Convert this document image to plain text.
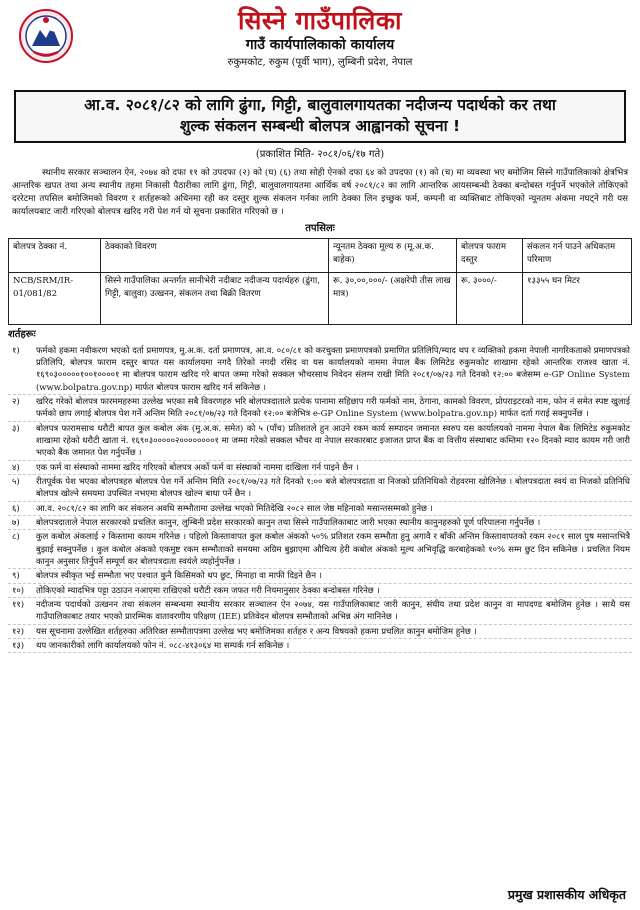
सिस्ने गाउँपालिका
गाउँ कार्यपालिकाको कार्यालय
रुकुमकोट, रुकुम (पूर्वी भाग), लुम्बिनी प्रदेश, नेपाल
आ.व. २०८१/८२ को लागि ढुंगा, गिट्टी, बालुवालगायतका नदीजन्य पदार्थको कर तथा
शुल्क संकलन सम्बन्धी बोलपत्र आह्वानको सूचना !
(प्रकाशित मिति- २०८१/०६/१७ गते)

स्थानीय सरकार सञ्चालन ऐन, २०७४ को दफा ११ को उपदफा (२) को (घ) (६) तथा सोही ऐनको दफा ६४ को उपदफा (१) को (च) मा व्यवस्था भए बमोजिम सिस्ने गाउँपालिकाको क्षेत्रभित्र आन्तरिक खपत तथा अन्य स्थानीय तहमा निकासी पैठारीका लागि ढुंगा, गिट्टी, बालुवालगायतमा आर्थिक वर्ष २०८१/८२ का लागि आन्तरिक आयसम्बन्धी ठेक्का बन्दोबस्त गर्नुपर्ने भएकोले तोकिएको दररेटमा तपसिल बमोजिमको विवरण र शर्तहरूको अधिनमा रही कर दस्तुर शुल्क संकलन गर्नका लागि ठेक्का लिन इच्छुक फर्म, कम्पनी वा व्यक्तिबाट तोकिएको न्यूनतम अंकमा नघट्ने गरी यस कार्यालयबाट जारी गरिएको बोलपत्र खरिद गरी पेश गर्न यो सूचना प्रकाशित गरिएको छ ।

तपसिलः
बोलपत्र ठेक्का नं.	ठेक्काको विवरण	न्यूनतम ठेक्का मूल्य रु (मू.अ.क. बाहेक)	बोलपत्र फाराम दस्तुर	संकलन गर्न पाउने अधिकतम परिमाण
NCB/SRM/IR-01/081/82	सिस्ने गाउँपालिका अन्तर्गत सानीभेरी नदीबाट नदीजन्य पदार्थहरु (ढुंगा, गिट्टी, बालुवा) उत्खनन, संकलन तथा बिक्री वितरण	रू. ३०,००,०००/- (अक्षरेपी तीस लाख मात्र)	रू. ३०००/-	१३३५५ घन मिटर
शर्तहरूः
१)	फर्मको हकमा नवीकरण भएको दर्ता प्रमाणपत्र, मु.अ.क. दर्ता प्रमाणपत्र, आ.व. ०८०/८१ को करचुक्ता प्रमाणपत्रको प्रमाणित प्रतिलिपि/म्याद थप र व्यक्तिको हकमा नेपाली नागरिकताको प्रमाणपत्रको प्रतिलिपि, बोलपत्र फाराम दस्तुर बापत यस कार्यालयमा नगदै तिरेको नगदी रसिद वा यस कार्यालयको नाममा नेपाल बैंक लिमिटेड रुकुमकोट शाखामा रहेको आन्तरिक राजश्व खाता नं. १६९०३०००००१००१००००१ मा बोलपत्र फाराम खरिद गरे बापत जम्मा गरेको सक्कल भौचरसाथ निवेदन संलग्न राखी मिति २०८१/०७/२३ गते दिनको १२:०० बजेसम्म e-GP Online System (www.bolpatra.gov.np) मार्फत बोलपत्र फाराम खरिद गर्न सकिनेछ ।
२)	खरिद गरेको बोलपत्र फारममहरुमा उल्लेख भएका सबै विवरणहरु भरि बोलपत्रदाताले प्रत्येक पानामा सहिछाप गरी फर्मको नाम, ठेगाना, कामको विवरण, प्रोपराइटरको नाम, फोन नं समेत स्पष्ट खुलाई फर्मको छाप लगाई बोलपत्र पेश गर्ने अन्तिम मिति २०८१/०७/२३ गते दिनको १२:०० बजेभित्र e-GP Online System (www.bolpatra.gov.np) मार्फत दर्ता गराई सक्नुपर्नेछ ।
३)	बोलपत्र फारामसाथ धरौटी बापत कुल कबोल अंक (मु.अ.क. समेत) को ५ (पाँच) प्रतिशतले हुन आउने रकम कार्य सम्पादन जमानत स्वरुप यस कार्यालयको नाममा नेपाल बैंक लिमिटेड रुकुमकोट शाखामा रहेको धरौटी खाता नं. १६९०३०००००२००००००००१ मा जम्मा गरेको सक्कल भौचर वा नेपाल सरकारबाट इजाजत प्राप्त बैंक वा वित्तीय संस्थाबाट कम्तिमा १२० दिनको म्याद कायम गरी जारी भएको बैंक जमानत पेश गर्नुपर्नेछ ।
४)	एक फर्म वा संस्थाको नाममा खरिद गरिएको बोलपत्र अर्को फर्म वा संस्थाको नाममा दाखिला गर्न पाइने छैन ।
५)	रीतपूर्वक पेश भएका बोलपत्रहरु बोलपत्र पेश गर्ने अन्तिम मिति २०८१/०७/२३ गते दिनको १:०० बजे बोलपत्रदाता वा निजको प्रतिनिधिको रोहवरमा खोलिनेछ । बोलपत्रदाता स्वयं वा निजको प्रतिनिधि बोलपत्र खोल्ने समयमा उपस्थित नभएमा बोलपत्र खोल्न बाधा पर्ने छैन ।
६)	आ.व. २०८१/८२ का लागि कर संकलन अवधि सम्भौतामा उल्लेख भएको मितिदेखि २०८२ साल जेष्ठ महिनाको मसान्तसम्मको हुनेछ ।
७)	बोलपत्रदाताले नेपाल सरकारको प्रचलित कानुन, लुम्बिनी प्रदेश सरकारको कानुन तथा सिस्ने गाउँपालिकाबाट जारी भएका स्थानीय कानुनहरुको पूर्ण परिपालना गर्नुपर्नेछ ।
८)	कुल कबोल अंकलाई २ किस्तामा कायम गरिनेछ । पहिलो किस्तावापत कुल कबोल अंकको ५०% प्रतिशत रकम सम्भौता हुनु अगावै र बाँकी अन्तिम किस्तावापतको रकम २०८१ साल पुष मसान्तभित्रै बुझाई सक्नुपर्नेछ । कुल कबोल अंकको एकमुष्ट रकम सम्भौताको समयमा अग्रिम बुझाएमा औचित्य हेरी कबोल अंकको मूल्य अभिवृद्धि करबाहेकको १०% सम्म छुट दिन सकिनेछ । प्रचलित नियम कानुन अनुसार तिर्नुपर्ने सम्पूर्ण कर बोलपत्रदाता स्वयंले व्यहोर्नुपर्नेछ ।
९)	बोलपत्र स्वीकृत भई सम्भौता भए पश्चात कुनै किसिमको थप छुट, मिनाहा वा माफी दिइने छैन ।
१०)	तोकिएको म्यादभित्र पट्टा उठाउन नआएमा राखिएको धरौटी रकम जफत गरी नियमानुसार ठेक्का बन्दोबस्त गरिनेछ ।
११)	नदीजन्य पदार्थको उत्खनन तथा संकलन सम्बन्धमा स्थानीय सरकार सञ्चालन ऐन २०७४, यस गाउँपालिकाबाट जारी कानुन, संघीय तथा प्रदेश कानुन वा मापदण्ड बमोजिम हुनेछ । साथै यस गाउँपालिकाबाट तयार भएको प्रारम्भिक वातावरणीय परिक्षण (IEE) प्रतिवेदन बोलपत्र सम्भौताको अभिन्न अंग मानिनेछ ।
१२)	यस सूचनामा उल्लेखित शर्तहरुका अतिरिक्त सम्भौतापत्रमा उल्लेख भए बमोजिमका शर्तहरु र अन्य विषयको हकमा प्रचलित कानुन बमोजिम हुनेछ ।
१३)	थप जानकारीको लागि कार्यालयको फोन नं. ०८८-४१३०६४ मा सम्पर्क गर्न सकिनेछ ।
प्रमुख प्रशासकीय अधिकृत
